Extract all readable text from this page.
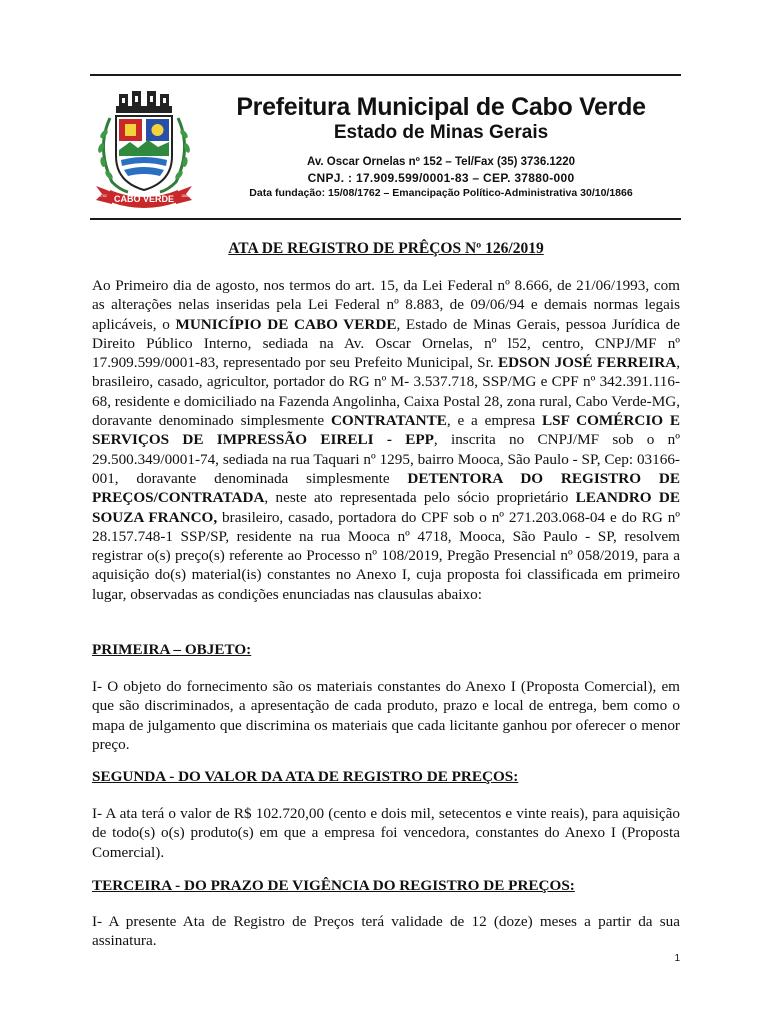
CABO VERDE
1762	1866
Prefeitura Municipal de Cabo Verde
Estado de Minas Gerais
Av. Oscar Ornelas nº 152 – Tel/Fax (35) 3736.1220
CNPJ. : 17.909.599/0001-83 – CEP. 37880-000
Data fundação: 15/08/1762 – Emancipação Político-Administrativa 30/10/1866
ATA DE REGISTRO DE PRÊÇOS Nº 126/2019
Ao Primeiro dia de agosto, nos termos do art. 15, da Lei Federal nº 8.666, de 21/06/1993, com as alterações nelas inseridas pela Lei Federal nº 8.883, de 09/06/94 e demais normas legais aplicáveis, o MUNICÍPIO DE CABO VERDE, Estado de Minas Gerais, pessoa Jurídica de Direito Público Interno, sediada na Av. Oscar Ornelas, nº l52, centro, CNPJ/MF nº 17.909.599/0001-83, representado por seu Prefeito Municipal, Sr. EDSON JOSÉ FERREIRA, brasileiro, casado, agricultor, portador do RG nº M- 3.537.718, SSP/MG e CPF nº 342.391.116-68, residente e domiciliado na Fazenda Angolinha, Caixa Postal 28, zona rural, Cabo Verde-MG, doravante denominado simplesmente CONTRATANTE, e a empresa LSF COMÉRCIO E SERVIÇOS DE IMPRESSÃO EIRELI - EPP, inscrita no CNPJ/MF sob o nº 29.500.349/0001-74, sediada na rua Taquari nº 1295, bairro Mooca, São Paulo - SP, Cep: 03166-001, doravante denominada simplesmente DETENTORA DO REGISTRO DE PREÇOS/CONTRATADA, neste ato representada pelo sócio proprietário LEANDRO DE SOUZA FRANCO, brasileiro, casado, portadora do CPF sob o nº 271.203.068-04 e do RG nº 28.157.748-1 SSP/SP, residente na rua Mooca nº 4718, Mooca, São Paulo - SP, resolvem registrar o(s) preço(s) referente ao Processo nº 108/2019, Pregão Presencial nº 058/2019, para a aquisição do(s) material(is) constantes no Anexo I, cuja proposta foi classificada em primeiro lugar, observadas as condições enunciadas nas clausulas abaixo:
PRIMEIRA – OBJETO:
I- O objeto do fornecimento são os materiais constantes do Anexo I (Proposta Comercial), em que são discriminados, a apresentação de cada produto, prazo e local de entrega, bem como o mapa de julgamento que discrimina os materiais que cada licitante ganhou por oferecer o menor preço.
SEGUNDA - DO VALOR DA ATA DE REGISTRO DE PREÇOS:
I- A ata terá o valor de R$ 102.720,00 (cento e dois mil, setecentos e vinte reais), para aquisição de todo(s) o(s) produto(s) em que a empresa foi vencedora, constantes do Anexo I (Proposta Comercial).
TERCEIRA - DO PRAZO DE VIGÊNCIA DO REGISTRO DE PREÇOS:
I- A presente Ata de Registro de Preços terá validade de 12 (doze) meses a partir da sua assinatura.
1
